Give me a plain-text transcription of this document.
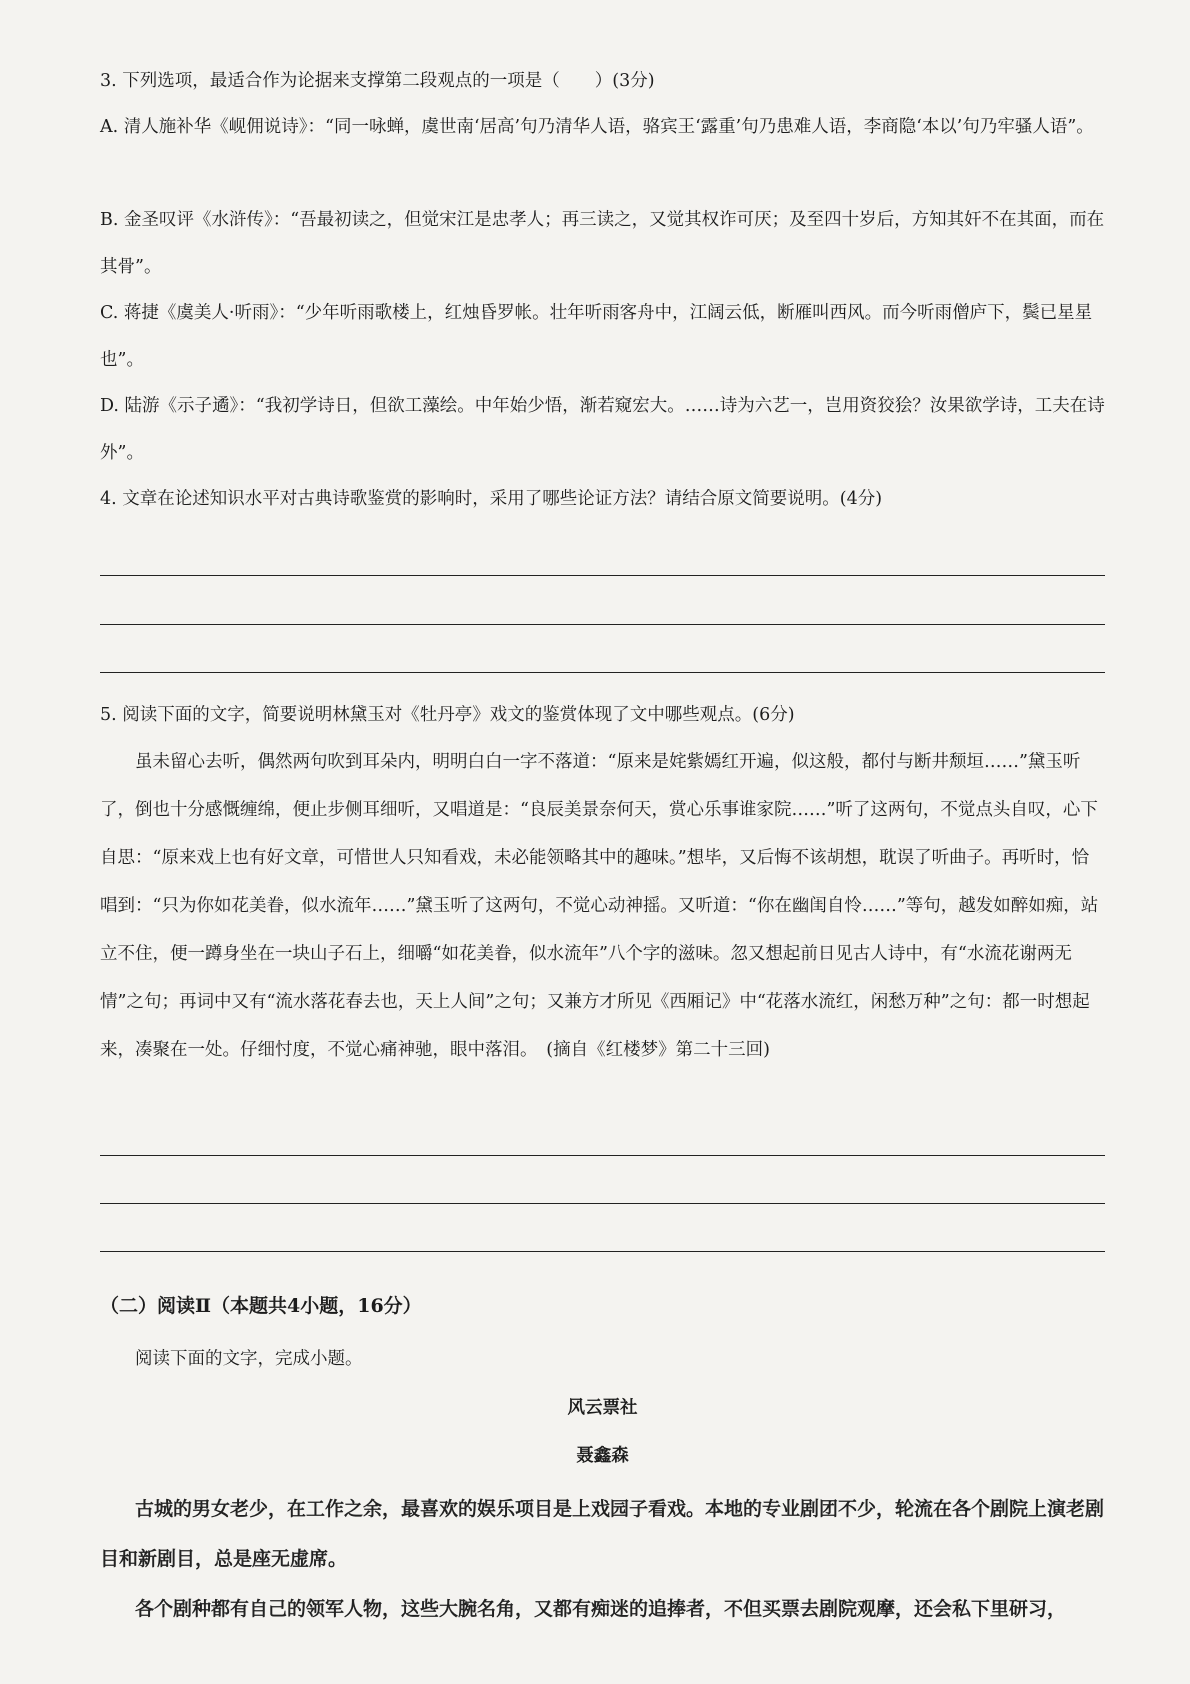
3. 下列选项，最适合作为论据来支撑第二段观点的一项是（　　）(3分)

A. 清人施补华《岘佣说诗》：“同一咏蝉，虞世南‘居高’句乃清华人语，骆宾王‘露重’句乃患难人语，李商隐‘本以’句乃牢骚人语”。

B. 金圣叹评《水浒传》：“吾最初读之，但觉宋江是忠孝人；再三读之，又觉其权诈可厌；及至四十岁后，方知其奸不在其面，而在其骨”。

C. 蒋捷《虞美人·听雨》：“少年听雨歌楼上，红烛昏罗帐。壮年听雨客舟中，江阔云低，断雁叫西风。而今听雨僧庐下，鬓已星星也”。

D. 陆游《示子遹》：“我初学诗日，但欲工藻绘。中年始少悟，渐若窥宏大。……诗为六艺一，岂用资狡狯？汝果欲学诗，工夫在诗外”。

4. 文章在论述知识水平对古典诗歌鉴赏的影响时，采用了哪些论证方法？请结合原文简要说明。(4分)

5. 阅读下面的文字，简要说明林黛玉对《牡丹亭》戏文的鉴赏体现了文中哪些观点。(6分)

虽未留心去听，偶然两句吹到耳朵内，明明白白一字不落道：“原来是姹紫嫣红开遍，似这般，都付与断井颓垣……”黛玉听了，倒也十分感慨缠绵，便止步侧耳细听，又唱道是：“良辰美景奈何天，赏心乐事谁家院……”听了这两句，不觉点头自叹，心下自思：“原来戏上也有好文章，可惜世人只知看戏，未必能领略其中的趣味。”想毕，又后悔不该胡想，耽误了听曲子。再听时，恰唱到：“只为你如花美眷，似水流年……”黛玉听了这两句，不觉心动神摇。又听道：“你在幽闺自怜……”等句，越发如醉如痴，站立不住，便一蹲身坐在一块山子石上，细嚼“如花美眷，似水流年”八个字的滋味。忽又想起前日见古人诗中，有“水流花谢两无情”之句；再词中又有“流水落花春去也，天上人间”之句；又兼方才所见《西厢记》中“花落水流红，闲愁万种”之句：都一时想起来，凑聚在一处。仔细忖度，不觉心痛神驰，眼中落泪。　(摘自《红楼梦》第二十三回)

（二）阅读Ⅱ（本题共4小题，16分）

阅读下面的文字，完成小题。

风云票社

聂鑫森

古城的男女老少，在工作之余，最喜欢的娱乐项目是上戏园子看戏。本地的专业剧团不少，轮流在各个剧院上演老剧目和新剧目，总是座无虚席。

各个剧种都有自己的领军人物，这些大腕名角，又都有痴迷的追捧者，不但买票去剧院观摩，还会私下里研习，
